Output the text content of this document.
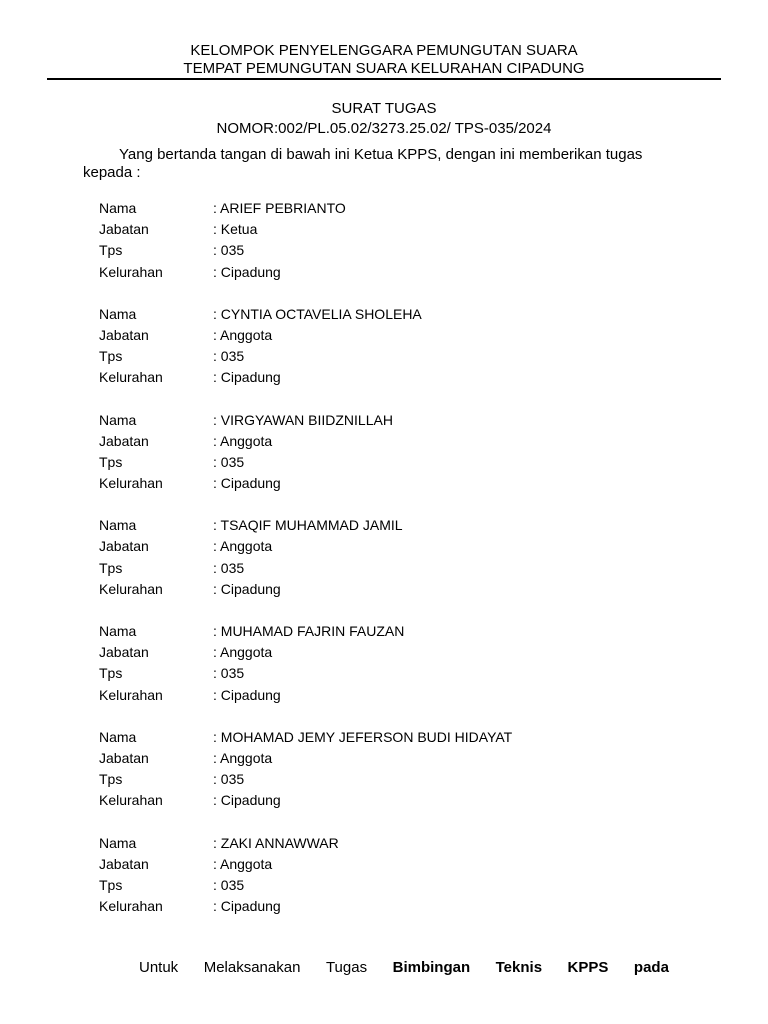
KELOMPOK PENYELENGGARA PEMUNGUTAN SUARA
TEMPAT PEMUNGUTAN SUARA KELURAHAN CIPADUNG
SURAT TUGAS
NOMOR:002/PL.05.02/3273.25.02/ TPS-035/2024
Yang bertanda tangan di bawah ini Ketua KPPS, dengan ini memberikan tugas
kepada :
Nama	: ARIEF PEBRIANTO
Jabatan	: Ketua
Tps	: 035
Kelurahan	: Cipadung
Nama	: CYNTIA OCTAVELIA SHOLEHA
Jabatan	: Anggota
Tps	: 035
Kelurahan	: Cipadung
Nama	: VIRGYAWAN BIIDZNILLAH
Jabatan	: Anggota
Tps	: 035
Kelurahan	: Cipadung
Nama	: TSAQIF MUHAMMAD JAMIL
Jabatan	: Anggota
Tps	: 035
Kelurahan	: Cipadung
Nama	: MUHAMAD FAJRIN FAUZAN
Jabatan	: Anggota
Tps	: 035
Kelurahan	: Cipadung
Nama	: MOHAMAD JEMY JEFERSON BUDI HIDAYAT
Jabatan	: Anggota
Tps	: 035
Kelurahan	: Cipadung
Nama	: ZAKI ANNAWWAR
Jabatan	: Anggota
Tps	: 035
Kelurahan	: Cipadung
Untuk Melaksanakan Tugas Bimbingan Teknis KPPS pada
